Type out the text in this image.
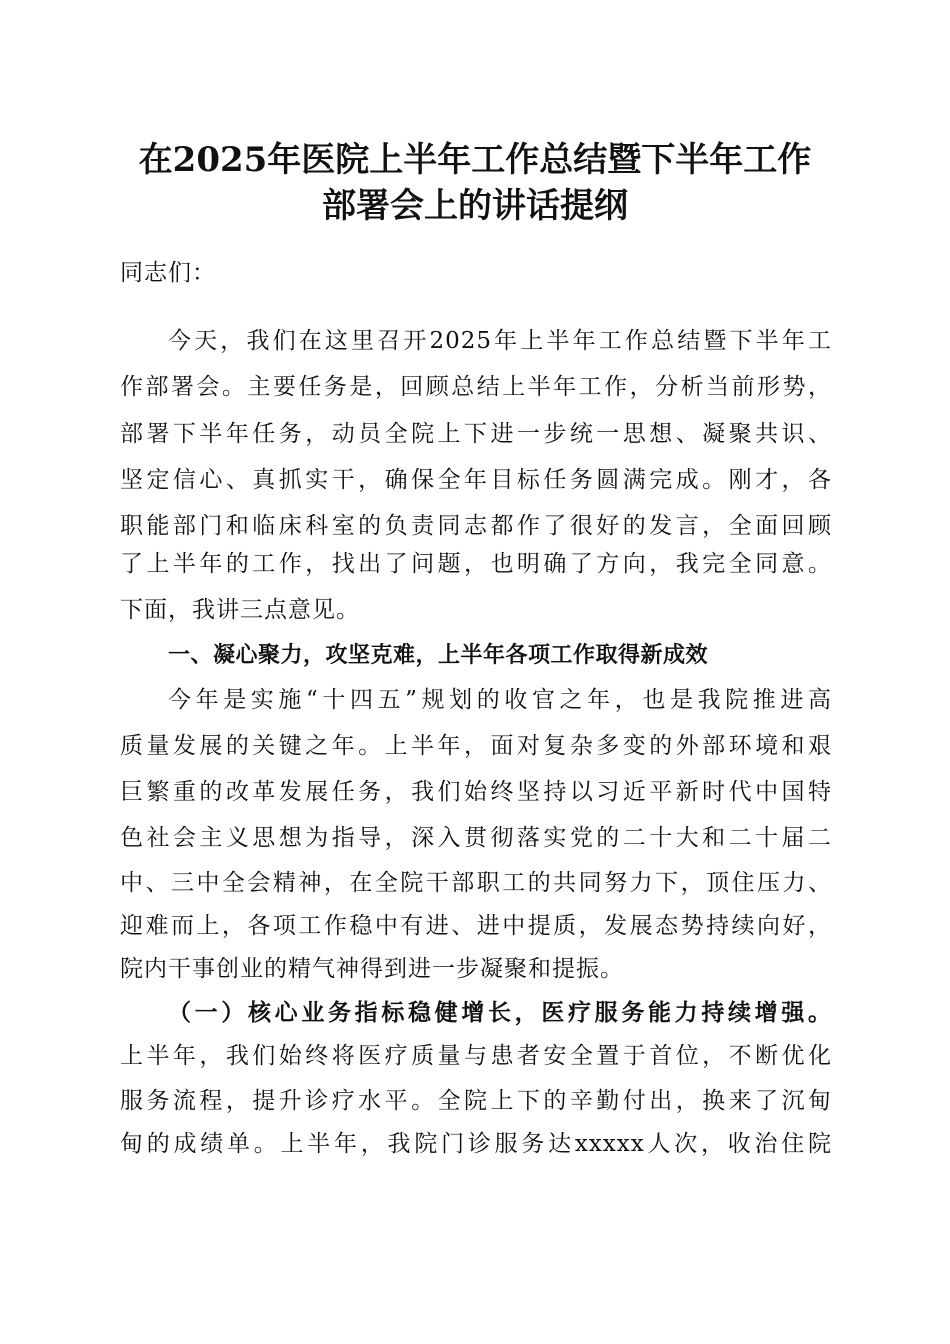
在2025年医院上半年工作总结暨下半年工作
部署会上的讲话提纲
同志们：
今天，我们在这里召开2025年上半年工作总结暨下半年工
作部署会。主要任务是，回顾总结上半年工作，分析当前形势，
部署下半年任务，动员全院上下进一步统一思想、凝聚共识、
坚定信心、真抓实干，确保全年目标任务圆满完成。刚才，各
职能部门和临床科室的负责同志都作了很好的发言，全面回顾
了上半年的工作，找出了问题，也明确了方向，我完全同意。
下面，我讲三点意见。
一、凝心聚力，攻坚克难，上半年各项工作取得新成效
今年是实施“十四五”规划的收官之年，也是我院推进高
质量发展的关键之年。上半年，面对复杂多变的外部环境和艰
巨繁重的改革发展任务，我们始终坚持以习近平新时代中国特
色社会主义思想为指导，深入贯彻落实党的二十大和二十届二
中、三中全会精神，在全院干部职工的共同努力下，顶住压力、
迎难而上，各项工作稳中有进、进中提质，发展态势持续向好，
院内干事创业的精气神得到进一步凝聚和提振。
（一）核心业务指标稳健增长，医疗服务能力持续增强。
上半年，我们始终将医疗质量与患者安全置于首位，不断优化
服务流程，提升诊疗水平。全院上下的辛勤付出，换来了沉甸
甸的成绩单。上半年，我院门诊服务达xxxxx人次，收治住院
